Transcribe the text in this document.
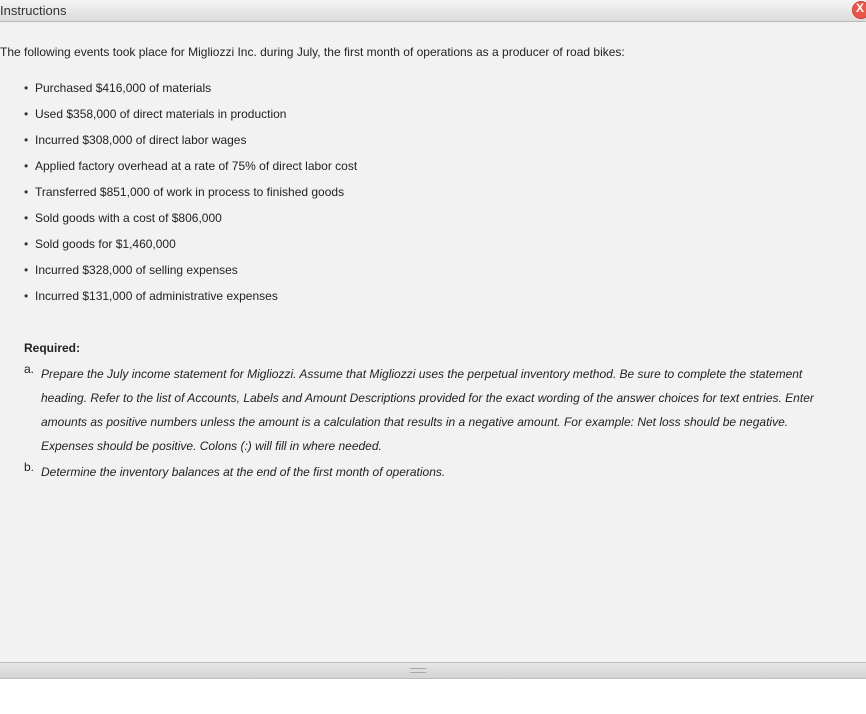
Instructions	X
The following events took place for Migliozzi Inc. during July, the first month of operations as a producer of road bikes:
• Purchased $416,000 of materials
• Used $358,000 of direct materials in production
• Incurred $308,000 of direct labor wages
• Applied factory overhead at a rate of 75% of direct labor cost
• Transferred $851,000 of work in process to finished goods
• Sold goods with a cost of $806,000
• Sold goods for $1,460,000
• Incurred $328,000 of selling expenses
• Incurred $131,000 of administrative expenses
Required:
a. Prepare the July income statement for Migliozzi. Assume that Migliozzi uses the perpetual inventory method. Be sure to complete the statement heading. Refer to the list of Accounts, Labels and Amount Descriptions provided for the exact wording of the answer choices for text entries. Enter amounts as positive numbers unless the amount is a calculation that results in a negative amount. For example: Net loss should be negative. Expenses should be positive. Colons (:) will fill in where needed.
b. Determine the inventory balances at the end of the first month of operations.
